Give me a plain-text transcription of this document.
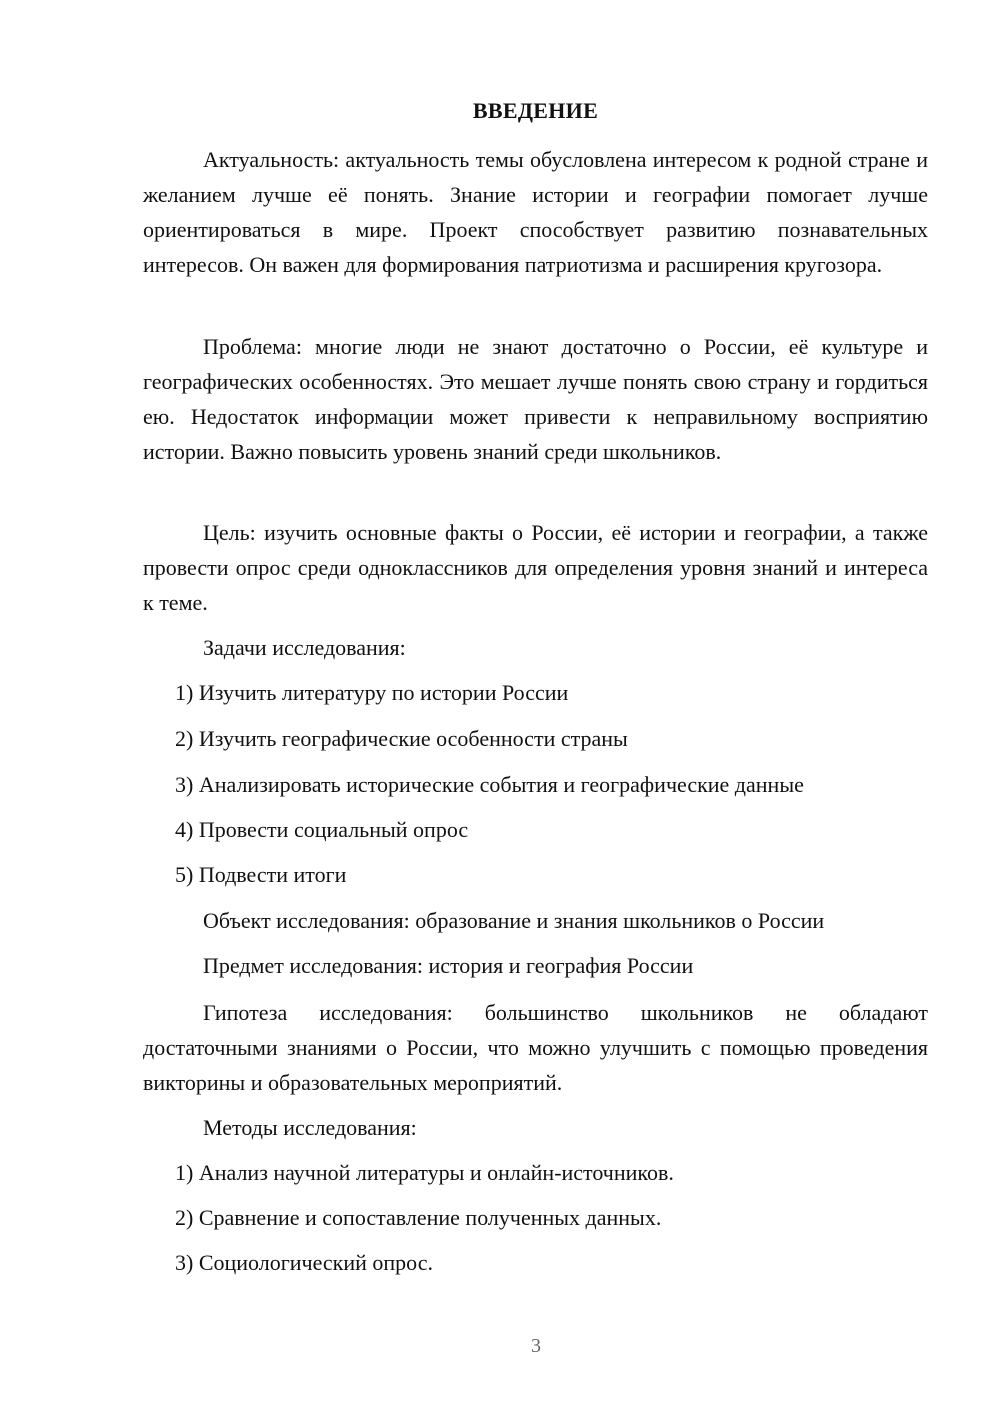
ВВЕДЕНИЕ

Актуальность: актуальность темы обусловлена интересом к родной стране и желанием лучше её понять. Знание истории и географии помогает лучше ориентироваться в мире. Проект способствует развитию познавательных интересов. Он важен для формирования патриотизма и расширения кругозора.

Проблема: многие люди не знают достаточно о России, её культуре и географических особенностях. Это мешает лучше понять свою страну и гордиться ею. Недостаток информации может привести к неправильному восприятию истории. Важно повысить уровень знаний среди школьников.

Цель: изучить основные факты о России, её истории и географии, а также провести опрос среди одноклассников для определения уровня знаний и интереса к теме.

Задачи исследования:

1) Изучить литературу по истории России

2) Изучить географические особенности страны

3) Анализировать исторические события и географические данные

4) Провести социальный опрос

5) Подвести итоги

Объект исследования: образование и знания школьников о России

Предмет исследования: история и география России

Гипотеза исследования: большинство школьников не обладают достаточными знаниями о России, что можно улучшить с помощью проведения викторины и образовательных мероприятий.

Методы исследования:

1) Анализ научной литературы и онлайн-источников.

2) Сравнение и сопоставление полученных данных.

3) Социологический опрос.

3
